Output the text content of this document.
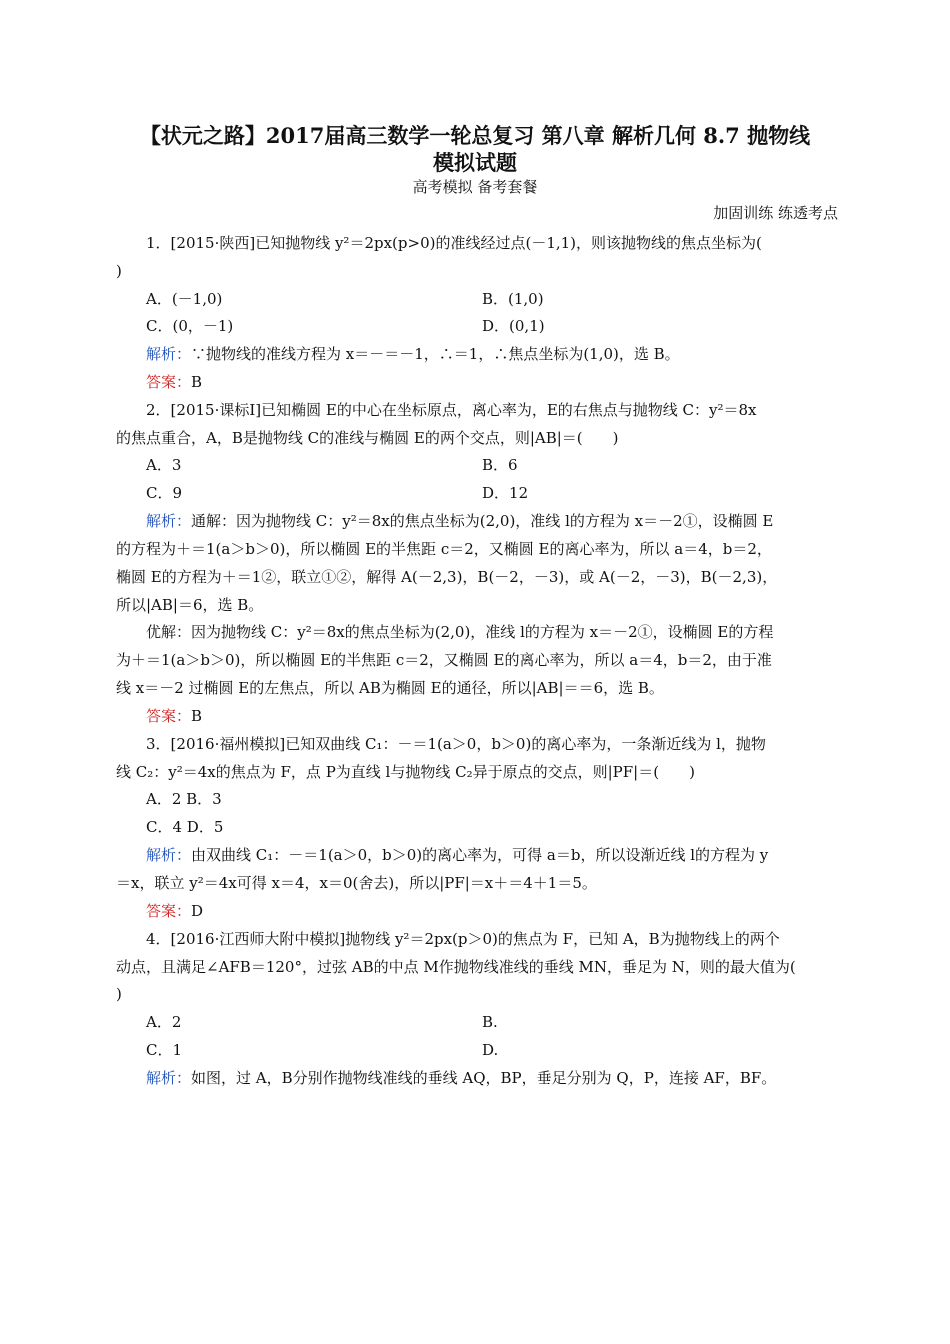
【状元之路】2017届高三数学一轮总复习 第八章 解析几何 8.7 抛物线
模拟试题
高考模拟 备考套餐
加固训练 练透考点
1．[2015·陕西]已知抛物线 y²＝2px(p>0)的准线经过点(－1,1)，则该抛物线的焦点坐标为(
)
A．(－1,0)	B．(1,0)
C．(0，－1)	D．(0,1)
解析：∵抛物线的准线方程为 x＝－＝－1，∴＝1，∴焦点坐标为(1,0)，选 B。
答案：B
2．[2015·课标Ⅰ]已知椭圆 E的中心在坐标原点，离心率为，E的右焦点与抛物线 C：y²＝8x
的焦点重合，A，B是抛物线 C的准线与椭圆 E的两个交点，则|AB|＝(　　)
A．3	B．6
C．9	D．12
解析：通解：因为抛物线 C：y²＝8x的焦点坐标为(2,0)，准线 l的方程为 x＝－2①，设椭圆 E
的方程为＋＝1(a＞b＞0)，所以椭圆 E的半焦距 c＝2，又椭圆 E的离心率为，所以 a＝4，b＝2，
椭圆 E的方程为＋＝1②，联立①②，解得 A(－2,3)，B(－2，－3)，或 A(－2，－3)，B(－2,3)，
所以|AB|＝6，选 B。
优解：因为抛物线 C：y²＝8x的焦点坐标为(2,0)，准线 l的方程为 x＝－2①，设椭圆 E的方程
为＋＝1(a＞b＞0)，所以椭圆 E的半焦距 c＝2，又椭圆 E的离心率为，所以 a＝4，b＝2，由于准
线 x＝－2 过椭圆 E的左焦点，所以 AB为椭圆 E的通径，所以|AB|＝＝6，选 B。
答案：B
3．[2016·福州模拟]已知双曲线 C₁：－＝1(a＞0，b＞0)的离心率为，一条渐近线为 l，抛物
线 C₂：y²＝4x的焦点为 F，点 P为直线 l与抛物线 C₂异于原点的交点，则|PF|＝(　　)
A．2 B．3
C．4 D．5
解析：由双曲线 C₁：－＝1(a＞0，b＞0)的离心率为，可得 a＝b，所以设渐近线 l的方程为 y
＝x，联立 y²＝4x可得 x＝4，x＝0(舍去)，所以|PF|＝x＋＝4＋1＝5。
答案：D
4．[2016·江西师大附中模拟]抛物线 y²＝2px(p＞0)的焦点为 F，已知 A，B为抛物线上的两个
动点，且满足∠AFB＝120°，过弦 AB的中点 M作抛物线准线的垂线 MN，垂足为 N，则的最大值为(
)
A．2	B.
C．1	D.
解析：如图，过 A，B分别作抛物线准线的垂线 AQ，BP，垂足分别为 Q，P，连接 AF，BF。
